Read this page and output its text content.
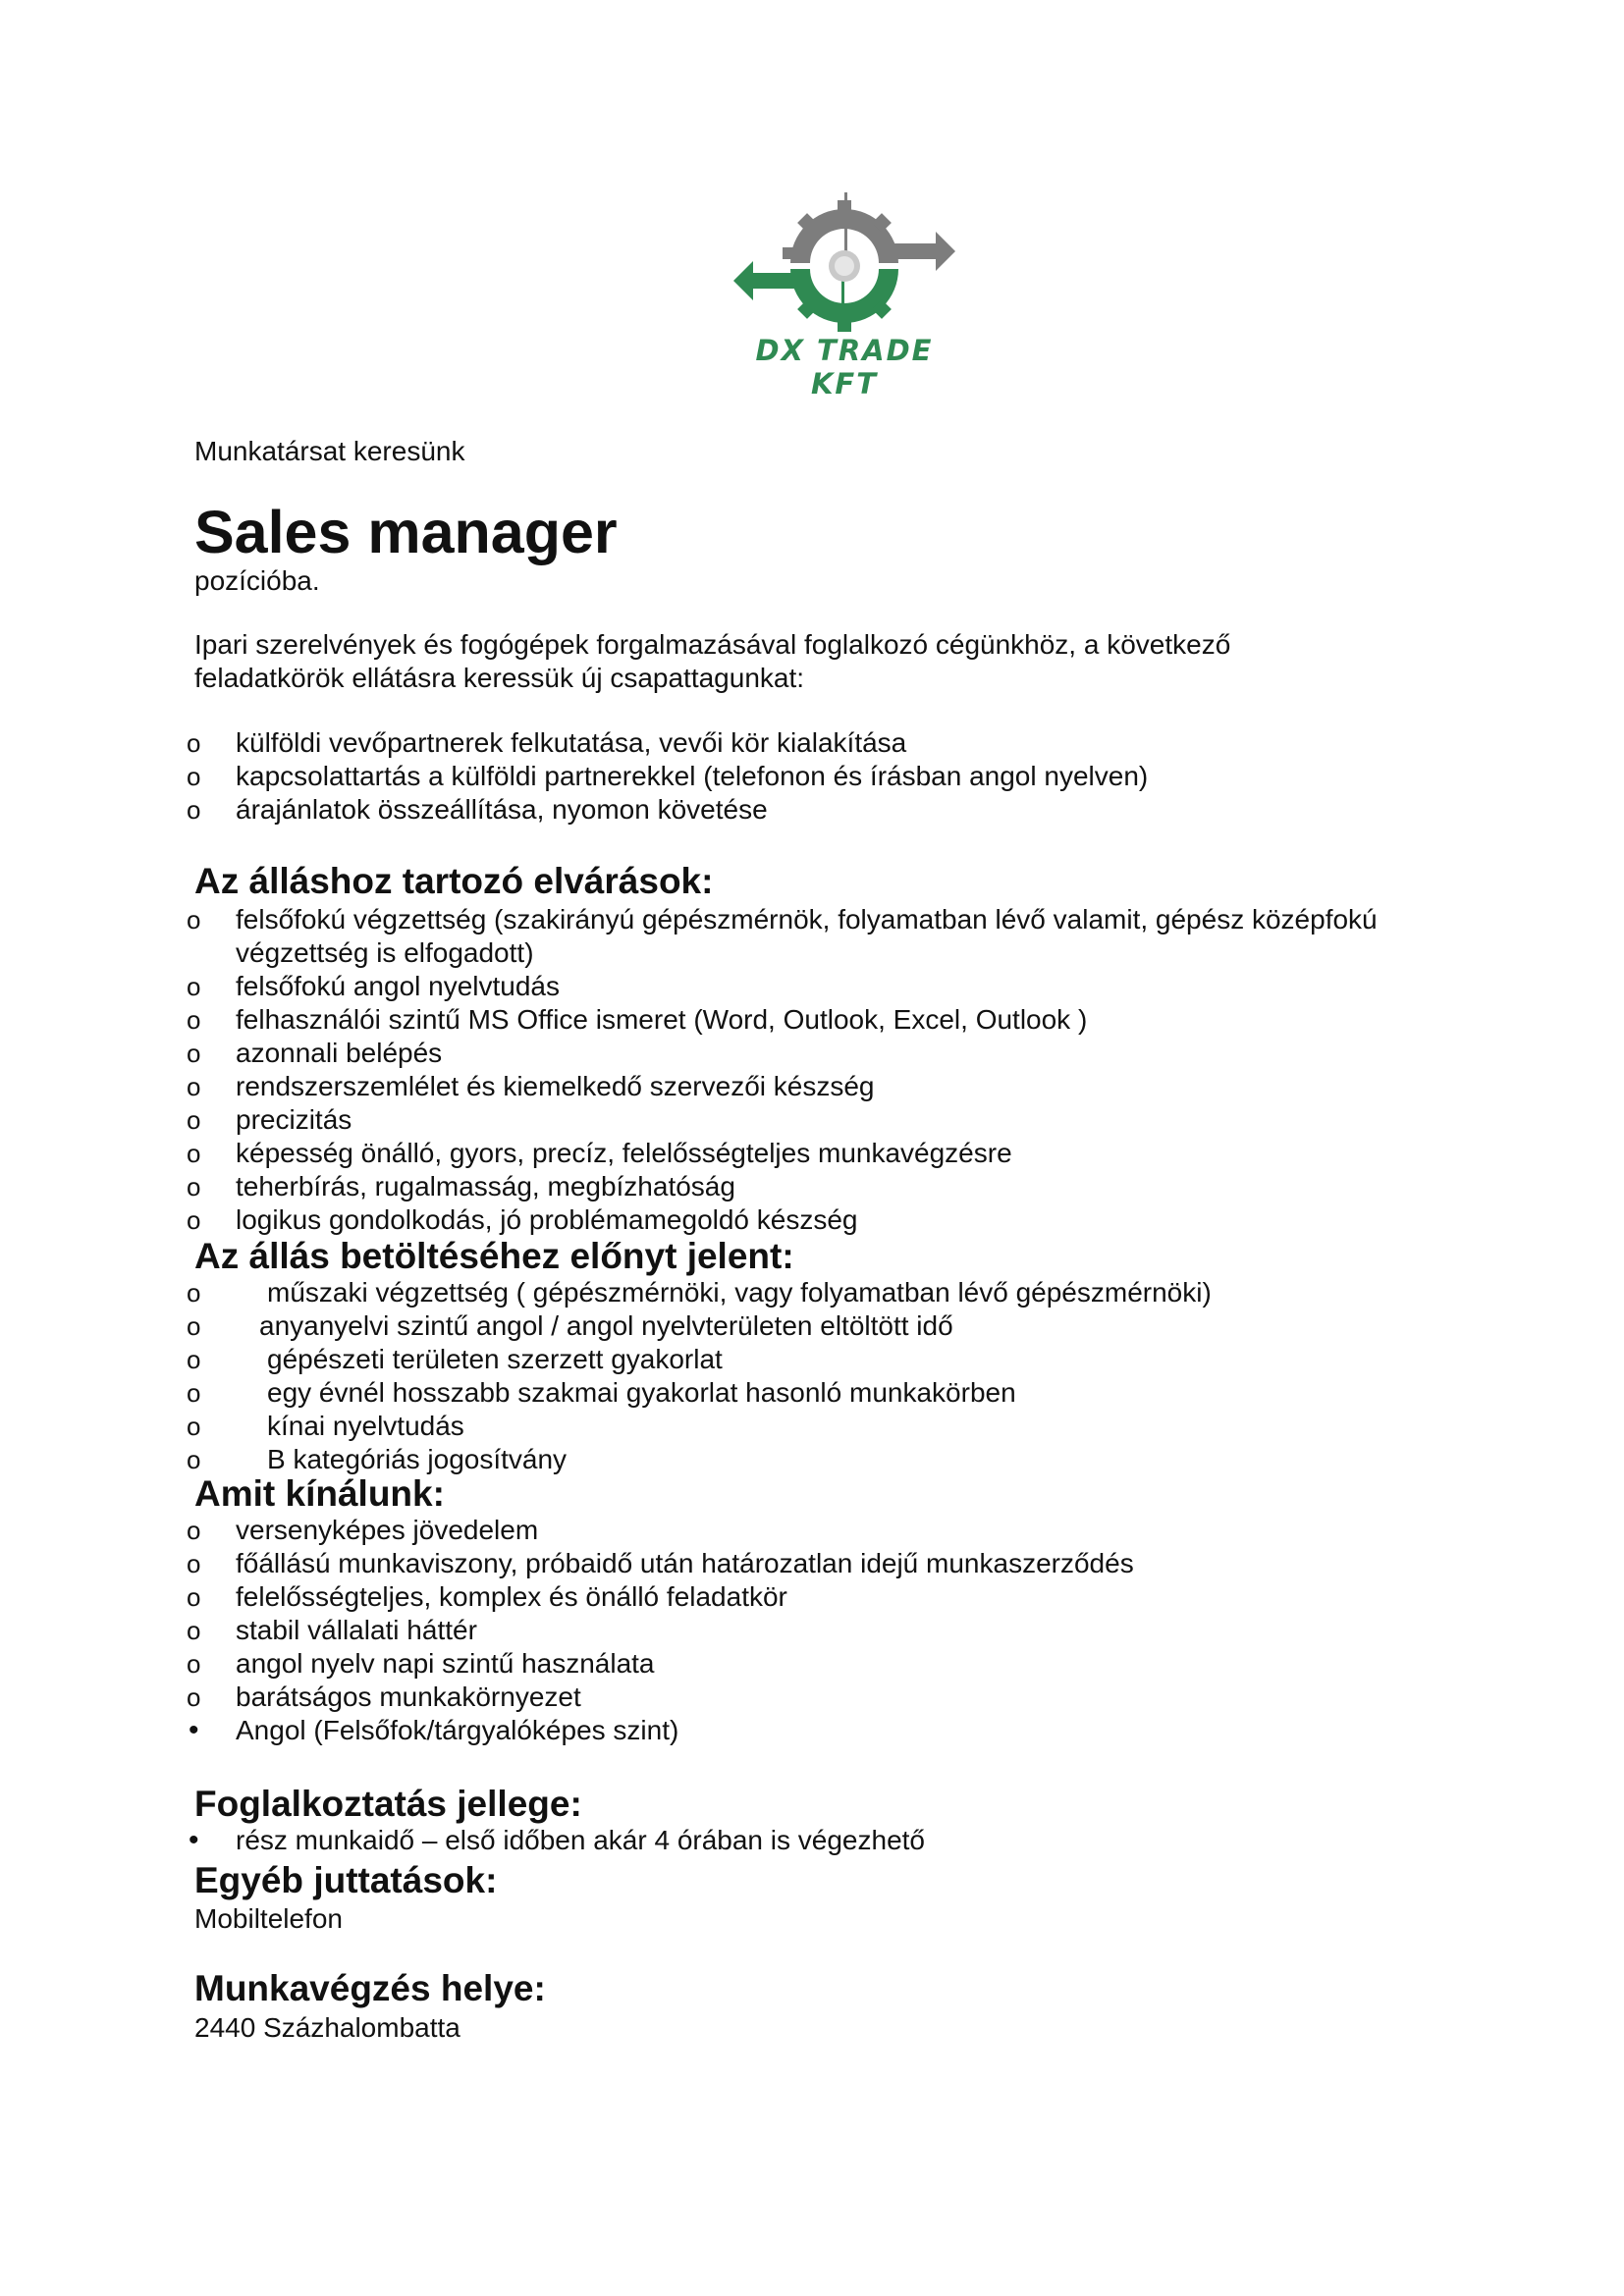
DX TRADE KFT
Munkatársat keresünk
Sales manager
pozícióba.
Ipari szerelvények és fogógépek forgalmazásával foglalkozó cégünkhöz, a következő
feladatkörök ellátásra keressük új csapattagunkat:
o külföldi vevőpartnerek felkutatása, vevői kör kialakítása
o kapcsolattartás a külföldi partnerekkel (telefonon és írásban angol nyelven)
o árajánlatok összeállítása, nyomon követése
Az álláshoz tartozó elvárások:
o felsőfokú végzettség (szakirányú gépészmérnök, folyamatban lévő valamit, gépész középfokú végzettség is elfogadott)
o felsőfokú angol nyelvtudás
o felhasználói szintű MS Office ismeret (Word, Outlook, Excel, Outlook )
o azonnali belépés
o rendszerszemlélet és kiemelkedő szervezői készség
o precizitás
o képesség önálló, gyors, precíz, felelősségteljes munkavégzésre
o teherbírás, rugalmasság, megbízhatóság
o logikus gondolkodás, jó problémamegoldó készség
Az állás betöltéséhez előnyt jelent:
o műszaki végzettség ( gépészmérnöki, vagy folyamatban lévő gépészmérnöki)
o anyanyelvi szintű angol / angol nyelvterületen eltöltött idő
o gépészeti területen szerzett gyakorlat
o egy évnél hosszabb szakmai gyakorlat hasonló munkakörben
o kínai nyelvtudás
o B kategóriás jogosítvány
Amit kínálunk:
o versenyképes jövedelem
o főállású munkaviszony, próbaidő után határozatlan idejű munkaszerződés
o felelősségteljes, komplex és önálló feladatkör
o stabil vállalati háttér
o angol nyelv napi szintű használata
o barátságos munkakörnyezet
•	Angol (Felsőfok/tárgyalóképes szint)
Foglalkoztatás jellege:
•	rész munkaidő – első időben akár 4 órában is végezhető
Egyéb juttatások:
Mobiltelefon
Munkavégzés helye:
2440 Százhalombatta
